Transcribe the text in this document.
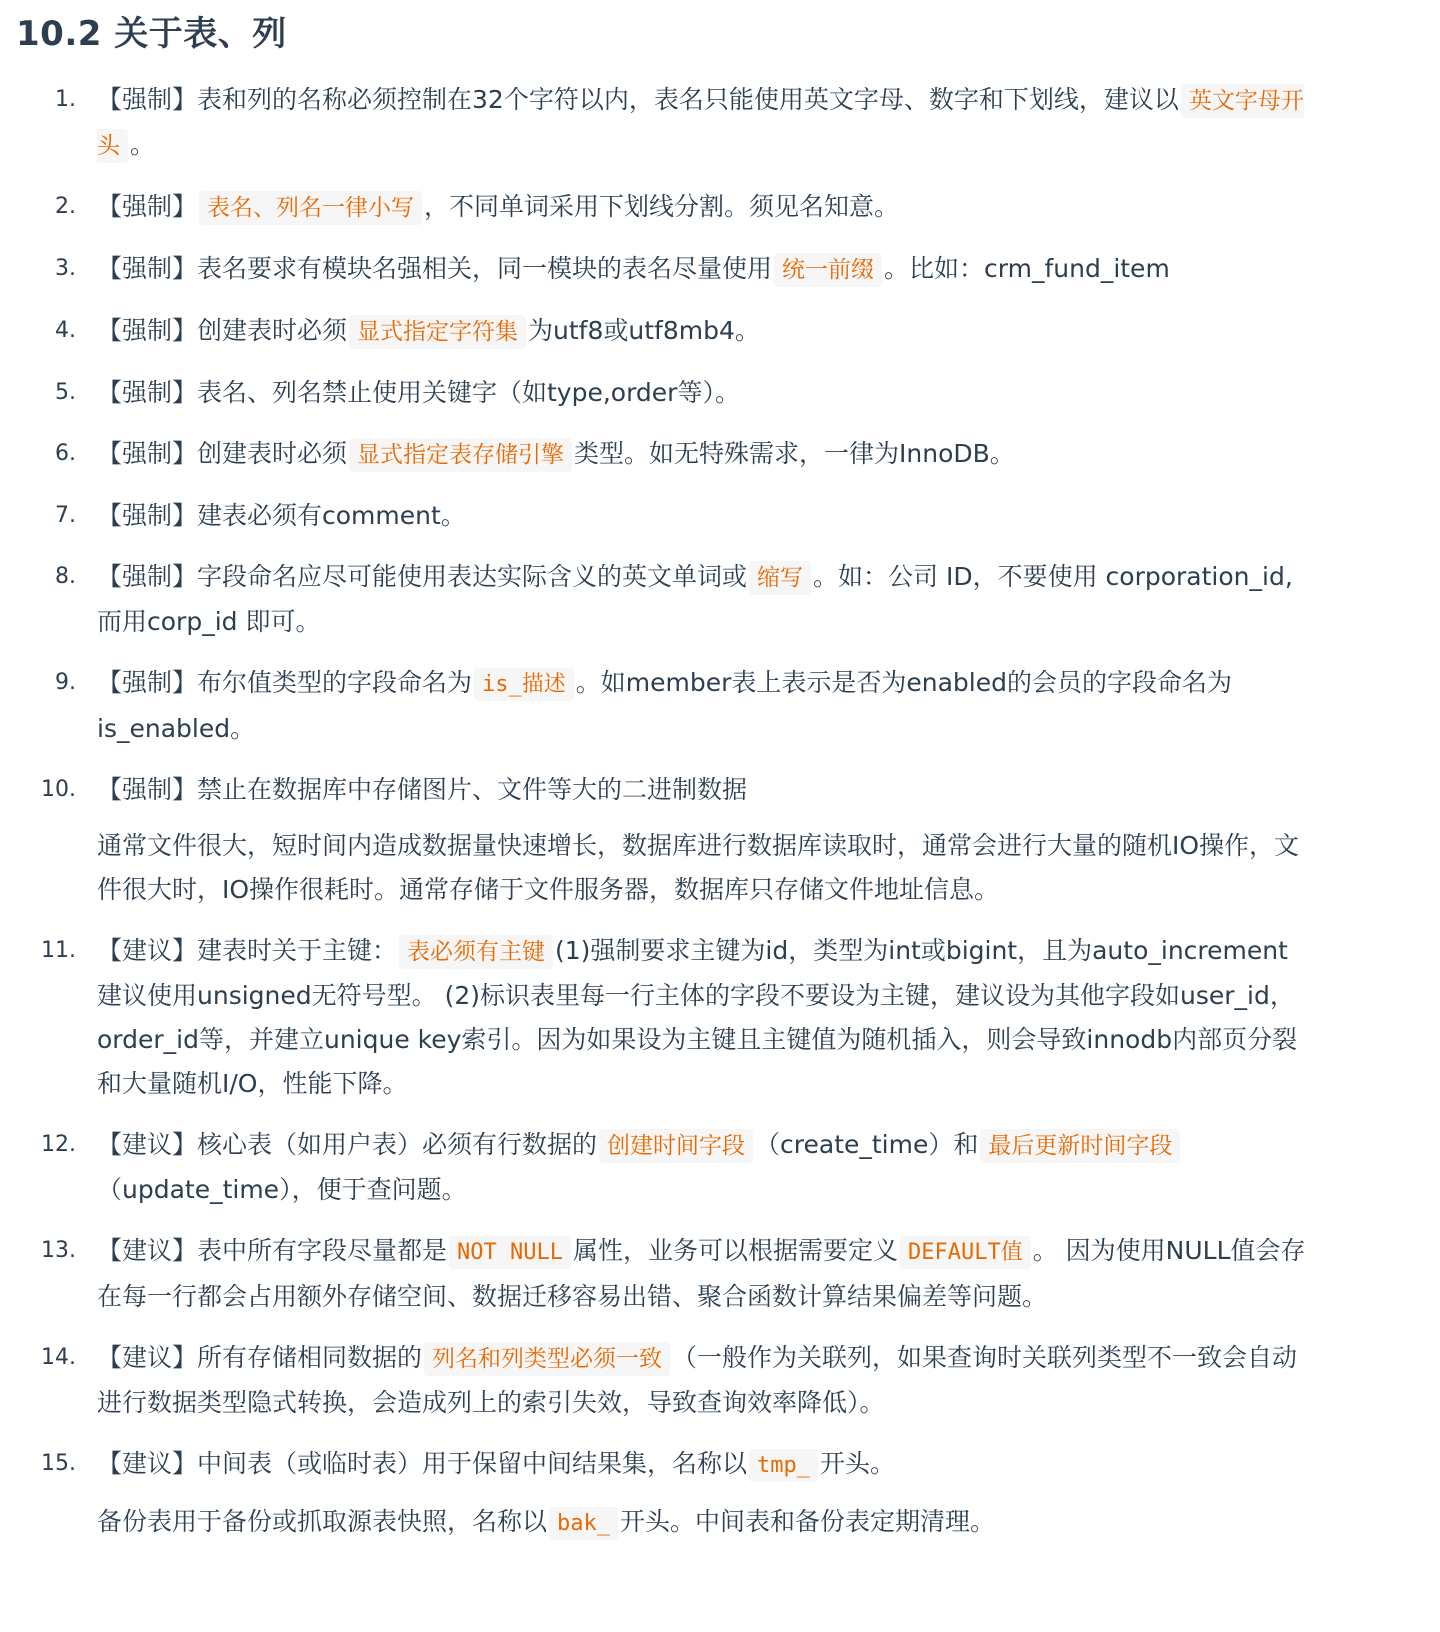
10.2 关于表、列
1. 【强制】表和列的名称必须控制在32个字符以内，表名只能使用英文字母、数字和下划线，建议以 英文字母开头 。
2. 【强制】 表名、列名一律小写 ，不同单词采用下划线分割。须见名知意。
3. 【强制】表名要求有模块名强相关，同一模块的表名尽量使用 统一前缀 。比如：crm_fund_item
4. 【强制】创建表时必须 显式指定字符集 为utf8或utf8mb4。
5. 【强制】表名、列名禁止使用关键字（如type,order等）。
6. 【强制】创建表时必须 显式指定表存储引擎 类型。如无特殊需求，一律为InnoDB。
7. 【强制】建表必须有comment。
8. 【强制】字段命名应尽可能使用表达实际含义的英文单词或 缩写 。如：公司 ID，不要使用 corporation_id, 而用corp_id 即可。
9. 【强制】布尔值类型的字段命名为 is_描述 。如member表上表示是否为enabled的会员的字段命名为 is_enabled。
10. 【强制】禁止在数据库中存储图片、文件等大的二进制数据
通常文件很大，短时间内造成数据量快速增长，数据库进行数据库读取时，通常会进行大量的随机IO操作，文件很大时，IO操作很耗时。通常存储于文件服务器，数据库只存储文件地址信息。
11. 【建议】建表时关于主键： 表必须有主键 (1)强制要求主键为id，类型为int或bigint，且为auto_increment 建议使用unsigned无符号型。 (2)标识表里每一行主体的字段不要设为主键，建议设为其他字段如user_id，order_id等，并建立unique key索引。因为如果设为主键且主键值为随机插入，则会导致innodb内部页分裂和大量随机I/O，性能下降。
12. 【建议】核心表（如用户表）必须有行数据的 创建时间字段 （create_time）和 最后更新时间字段（update_time），便于查问题。
13. 【建议】表中所有字段尽量都是 NOT NULL 属性，业务可以根据需要定义 DEFAULT值 。 因为使用NULL值会存在每一行都会占用额外存储空间、数据迁移容易出错、聚合函数计算结果偏差等问题。
14. 【建议】所有存储相同数据的 列名和列类型必须一致 （一般作为关联列，如果查询时关联列类型不一致会自动进行数据类型隐式转换，会造成列上的索引失效，导致查询效率降低）。
15. 【建议】中间表（或临时表）用于保留中间结果集，名称以 tmp_ 开头。
备份表用于备份或抓取源表快照，名称以 bak_ 开头。中间表和备份表定期清理。
